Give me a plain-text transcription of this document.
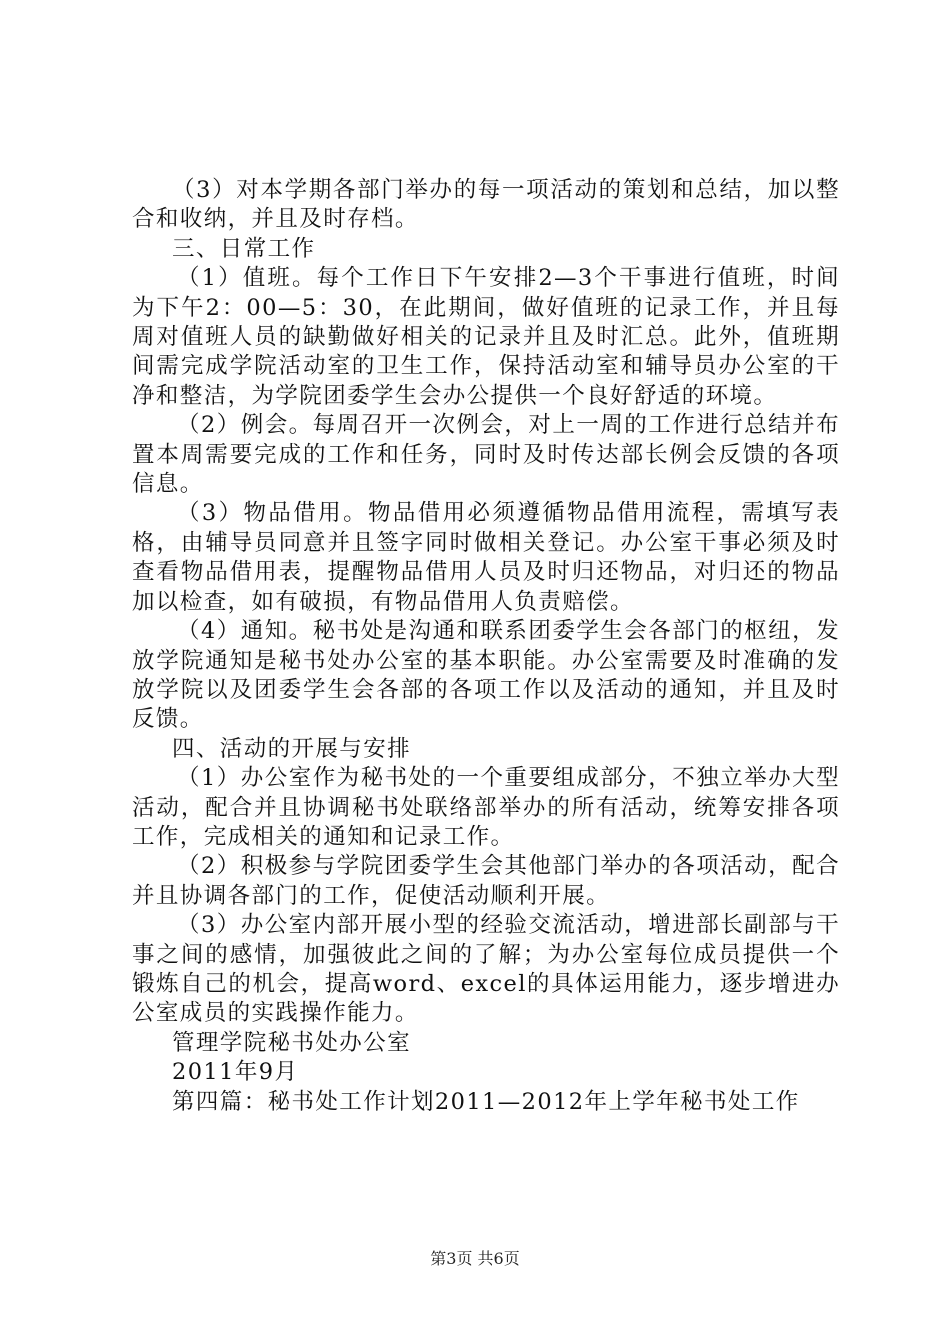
（3）对本学期各部门举办的每一项活动的策划和总结，加以整合和收纳，并且及时存档。

三、日常工作

（1）值班。每个工作日下午安排2—3个干事进行值班，时间为下午2：00—5：30，在此期间，做好值班的记录工作，并且每周对值班人员的缺勤做好相关的记录并且及时汇总。此外，值班期间需完成学院活动室的卫生工作，保持活动室和辅导员办公室的干净和整洁，为学院团委学生会办公提供一个良好舒适的环境。

（2）例会。每周召开一次例会，对上一周的工作进行总结并布置本周需要完成的工作和任务，同时及时传达部长例会反馈的各项信息。

（3）物品借用。物品借用必须遵循物品借用流程，需填写表格，由辅导员同意并且签字同时做相关登记。办公室干事必须及时查看物品借用表，提醒物品借用人员及时归还物品，对归还的物品加以检查，如有破损，有物品借用人负责赔偿。

（4）通知。秘书处是沟通和联系团委学生会各部门的枢纽，发放学院通知是秘书处办公室的基本职能。办公室需要及时准确的发放学院以及团委学生会各部的各项工作以及活动的通知，并且及时反馈。

四、活动的开展与安排

（1）办公室作为秘书处的一个重要组成部分，不独立举办大型活动，配合并且协调秘书处联络部举办的所有活动，统筹安排各项工作，完成相关的通知和记录工作。

（2）积极参与学院团委学生会其他部门举办的各项活动，配合并且协调各部门的工作，促使活动顺利开展。

（3）办公室内部开展小型的经验交流活动，增进部长副部与干事之间的感情，加强彼此之间的了解；为办公室每位成员提供一个锻炼自己的机会，提高word、excel的具体运用能力，逐步增进办公室成员的实践操作能力。

管理学院秘书处办公室

2011年9月

第四篇：秘书处工作计划2011—2012年上学年秘书处工作

第3页 共6页
